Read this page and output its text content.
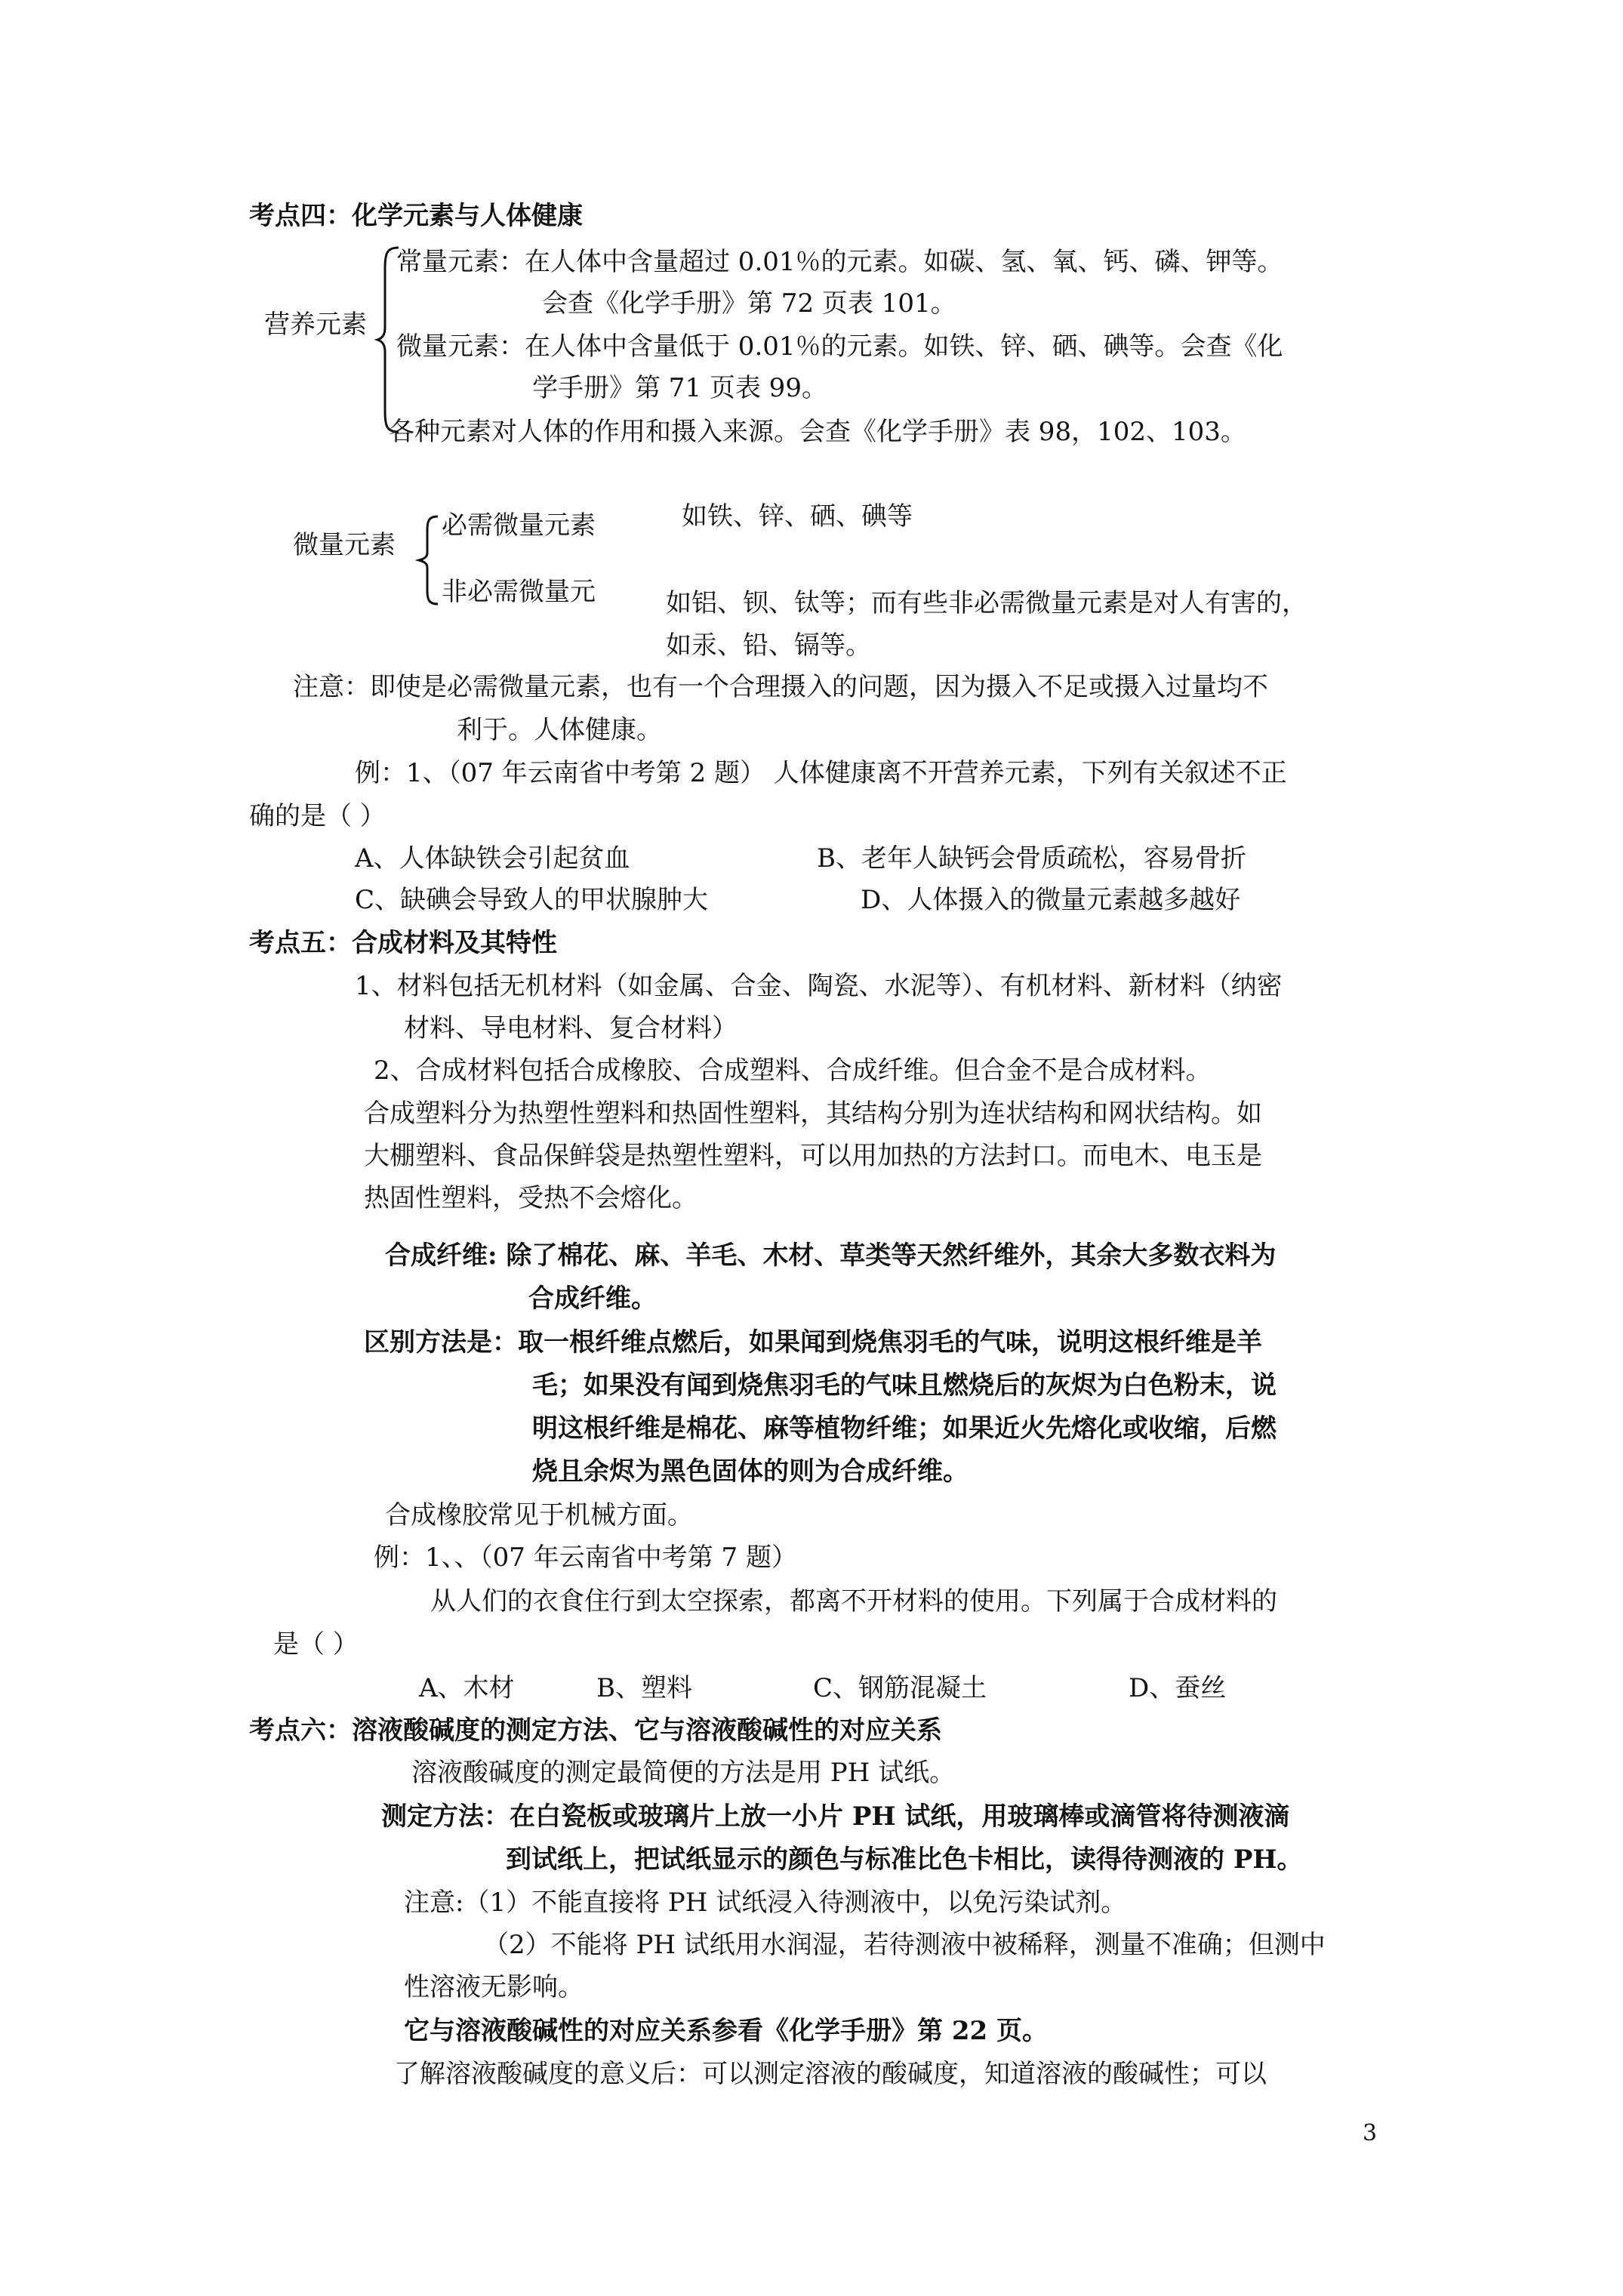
考点四：化学元素与人体健康
营养元素
常量元素：在人体中含量超过 0.01％的元素。如碳、氢、氧、钙、磷、钾等。
会查《化学手册》第 72 页表 101。
微量元素：在人体中含量低于 0.01％的元素。如铁、锌、硒、碘等。会查《化
学手册》第 71 页表 99。
各种元素对人体的作用和摄入来源。会查《化学手册》表 98，102、103。
微量元素
必需微量元素	如铁、锌、硒、碘等
非必需微量元	如铝、钡、钛等；而有些非必需微量元素是对人有害的，
如汞、铅、镉等。
注意：即使是必需微量元素，也有一个合理摄入的问题，因为摄入不足或摄入过量均不
利于。人体健康。
例：1、（07 年云南省中考第 2 题） 人体健康离不开营养元素，下列有关叙述不正
确的是（ ）
A、人体缺铁会引起贫血	B、老年人缺钙会骨质疏松，容易骨折
C、缺碘会导致人的甲状腺肿大	D、人体摄入的微量元素越多越好
考点五：合成材料及其特性
1、材料包括无机材料（如金属、合金、陶瓷、水泥等）、有机材料、新材料（纳密
材料、导电材料、复合材料）
2、合成材料包括合成橡胶、合成塑料、合成纤维。但合金不是合成材料。
合成塑料分为热塑性塑料和热固性塑料，其结构分别为连状结构和网状结构。如
大棚塑料、食品保鲜袋是热塑性塑料，可以用加热的方法封口。而电木、电玉是
热固性塑料，受热不会熔化。
合成纤维: 除了棉花、麻、羊毛、木材、草类等天然纤维外，其余大多数衣料为
合成纤维。
区别方法是：取一根纤维点燃后，如果闻到烧焦羽毛的气味，说明这根纤维是羊
毛；如果没有闻到烧焦羽毛的气味且燃烧后的灰烬为白色粉末，说
明这根纤维是棉花、麻等植物纤维；如果近火先熔化或收缩，后燃
烧且余烬为黑色固体的则为合成纤维。
合成橡胶常见于机械方面。
例：1、、（07 年云南省中考第 7 题）
从人们的衣食住行到太空探索，都离不开材料的使用。下列属于合成材料的
是（ ）
A、木材	B、塑料	C、钢筋混凝土	D、蚕丝
考点六：溶液酸碱度的测定方法、它与溶液酸碱性的对应关系
溶液酸碱度的测定最简便的方法是用 PH 试纸。
测定方法：在白瓷板或玻璃片上放一小片 PH 试纸，用玻璃棒或滴管将待测液滴
到试纸上，把试纸显示的颜色与标准比色卡相比，读得待测液的 PH。
注意:（1）不能直接将 PH 试纸浸入待测液中，以免污染试剂。
（2）不能将 PH 试纸用水润湿，若待测液中被稀释，测量不准确；但测中
性溶液无影响。
它与溶液酸碱性的对应关系参看《化学手册》第 22 页。
了解溶液酸碱度的意义后：可以测定溶液的酸碱度，知道溶液的酸碱性；可以
3
